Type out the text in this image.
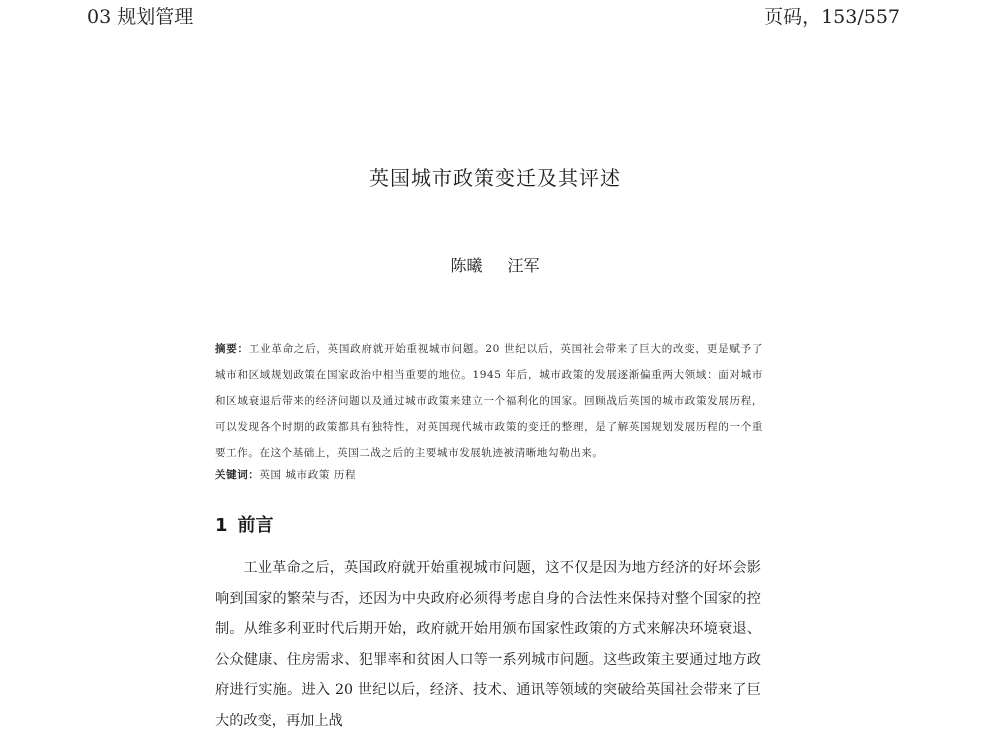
03 规划管理	页码，153/557
英国城市政策变迁及其评述
陈曦 汪军
摘要：工业革命之后，英国政府就开始重视城市问题。20 世纪以后，英国社会带来了巨大的改变，更是赋予了城市和区域规划政策在国家政治中相当重要的地位。1945 年后，城市政策的发展逐渐偏重两大领域：面对城市和区域衰退后带来的经济问题以及通过城市政策来建立一个福利化的国家。回顾战后英国的城市政策发展历程，可以发现各个时期的政策都具有独特性，对英国现代城市政策的变迁的整理，是了解英国规划发展历程的一个重要工作。在这个基础上，英国二战之后的主要城市发展轨迹被清晰地勾勒出来。
关键词：英国 城市政策 历程
1 前言
工业革命之后，英国政府就开始重视城市问题，这不仅是因为地方经济的好坏会影响到国家的繁荣与否，还因为中央政府必须得考虑自身的合法性来保持对整个国家的控制。从维多利亚时代后期开始，政府就开始用颁布国家性政策的方式来解决环境衰退、公众健康、住房需求、犯罪率和贫困人口等一系列城市问题。这些政策主要通过地方政府进行实施。进入 20 世纪以后，经济、技术、通讯等领域的突破给英国社会带来了巨大的改变，再加上战
